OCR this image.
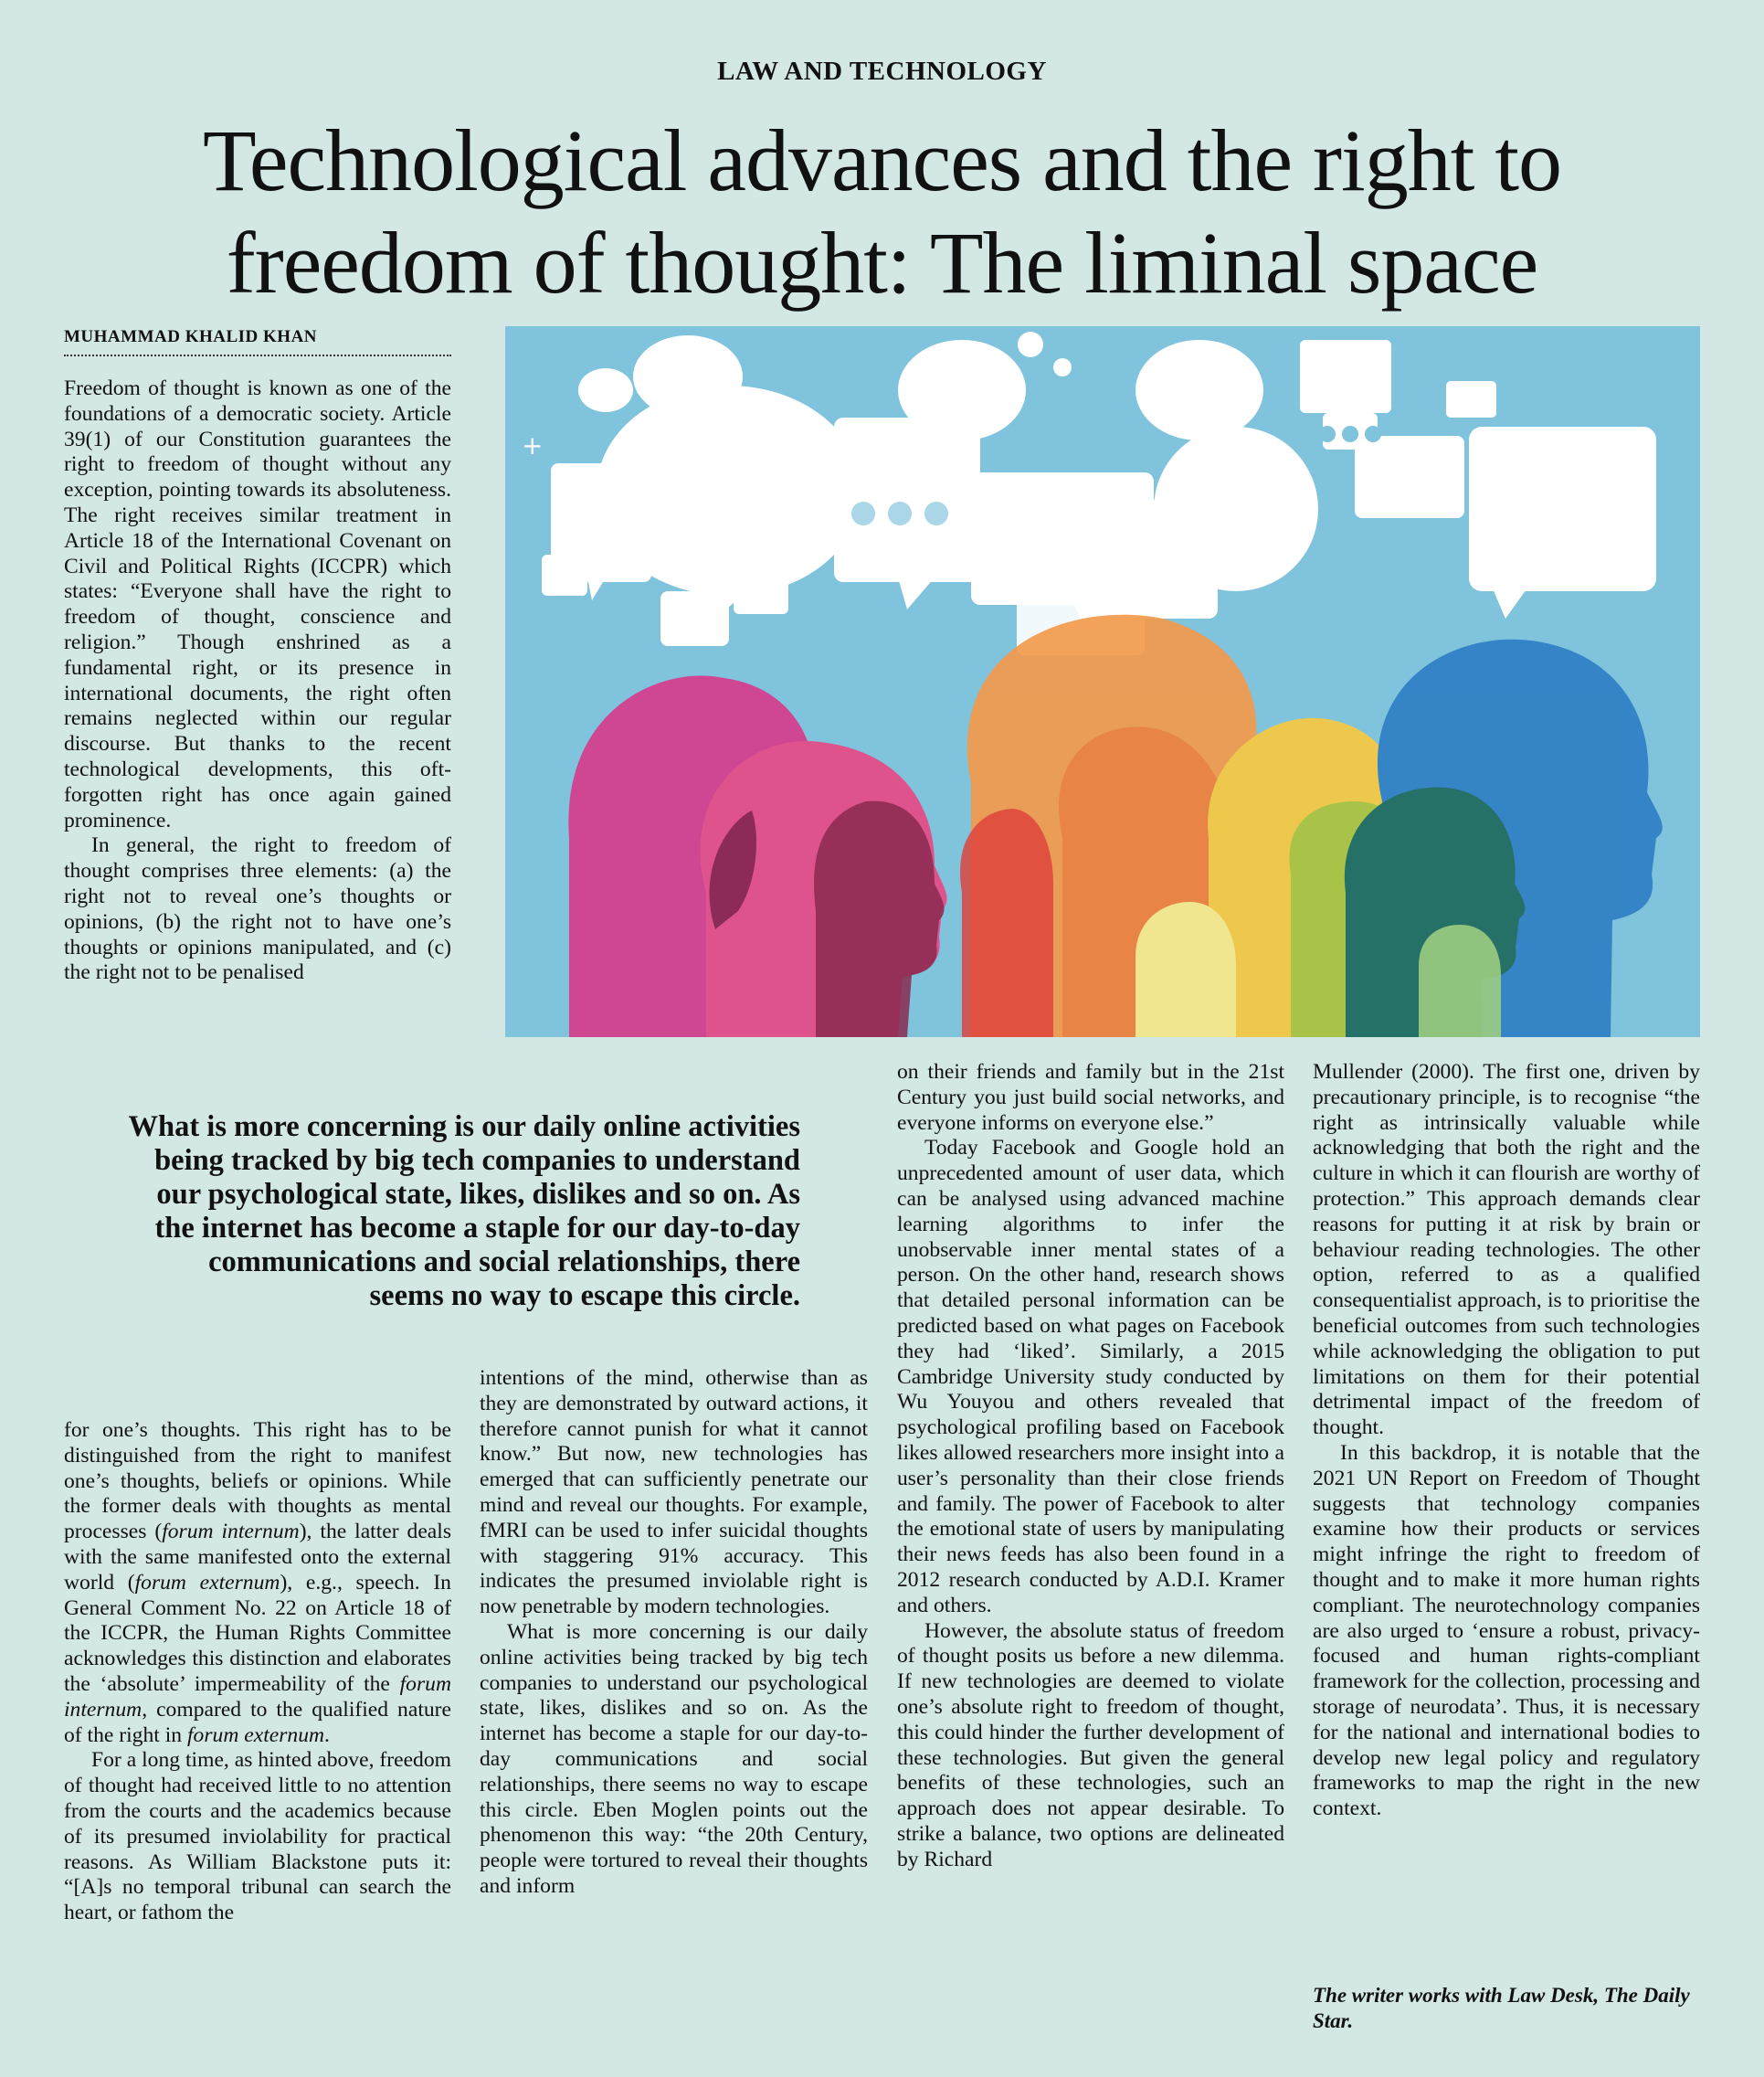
LAW AND TECHNOLOGY
Technological advances and the right to
freedom of thought: The liminal space
MUHAMMAD KHALID KHAN

Freedom of thought is known as one of the foundations of a democratic society. Article 39(1) of our Constitution guarantees the right to freedom of thought without any exception, pointing towards its absoluteness. The right receives similar treatment in Article 18 of the International Covenant on Civil and Political Rights (ICCPR) which states: “Everyone shall have the right to freedom of thought, conscience and religion.” Though enshrined as a fundamental right, or its presence in international documents, the right often remains neglected within our regular discourse. But thanks to the recent technological developments, this oft-forgotten right has once again gained prominence.

In general, the right to freedom of thought comprises three elements: (a) the right not to reveal one’s thoughts or opinions, (b) the right not to have one’s thoughts or opinions manipulated, and (c) the right not to be penalised

+
What is more concerning is our daily online activities being tracked by big tech companies to understand our psychological state, likes, dislikes and so on. As the internet has become a staple for our day-to-day communications and social relationships, there seems no way to escape this circle.

for one’s thoughts. This right has to be distinguished from the right to manifest one’s thoughts, beliefs or opinions. While the former deals with thoughts as mental processes (forum internum), the latter deals with the same manifested onto the external world (forum externum), e.g., speech. In General Comment No. 22 on Article 18 of the ICCPR, the Human Rights Committee acknowledges this distinction and elaborates the ‘absolute’ impermeability of the forum internum, compared to the qualified nature of the right in forum externum.

For a long time, as hinted above, freedom of thought had received little to no attention from the courts and the academics because of its presumed inviolability for practical reasons. As William Blackstone puts it: “[A]s no temporal tribunal can search the heart, or fathom the

intentions of the mind, otherwise than as they are demonstrated by outward actions, it therefore cannot punish for what it cannot know.” But now, new technologies has emerged that can sufficiently penetrate our mind and reveal our thoughts. For example, fMRI can be used to infer suicidal thoughts with staggering 91% accuracy. This indicates the presumed inviolable right is now penetrable by modern technologies.

What is more concerning is our daily online activities being tracked by big tech companies to understand our psychological state, likes, dislikes and so on. As the internet has become a staple for our day-to-day communications and social relationships, there seems no way to escape this circle. Eben Moglen points out the phenomenon this way: “the 20th Century, people were tortured to reveal their thoughts and inform

on their friends and family but in the 21st Century you just build social networks, and everyone informs on everyone else.”

Today Facebook and Google hold an unprecedented amount of user data, which can be analysed using advanced machine learning algorithms to infer the unobservable inner mental states of a person. On the other hand, research shows that detailed personal information can be predicted based on what pages on Facebook they had ‘liked’. Similarly, a 2015 Cambridge University study conducted by Wu Youyou and others revealed that psychological profiling based on Facebook likes allowed researchers more insight into a user’s personality than their close friends and family. The power of Facebook to alter the emotional state of users by manipulating their news feeds has also been found in a 2012 research conducted by A.D.I. Kramer and others.

However, the absolute status of freedom of thought posits us before a new dilemma. If new technologies are deemed to violate one’s absolute right to freedom of thought, this could hinder the further development of these technologies. But given the general benefits of these technologies, such an approach does not appear desirable. To strike a balance, two options are delineated by Richard

Mullender (2000). The first one, driven by precautionary principle, is to recognise “the right as intrinsically valuable while acknowledging that both the right and the culture in which it can flourish are worthy of protection.” This approach demands clear reasons for putting it at risk by brain or behaviour reading technologies. The other option, referred to as a qualified consequentialist approach, is to prioritise the beneficial outcomes from such technologies while acknowledging the obligation to put limitations on them for their potential detrimental impact of the freedom of thought.

In this backdrop, it is notable that the 2021 UN Report on Freedom of Thought suggests that technology companies examine how their products or services might infringe the right to freedom of thought and to make it more human rights compliant. The neurotechnology companies are also urged to ‘ensure a robust, privacy-focused and human rights-compliant framework for the collection, processing and storage of neurodata’. Thus, it is necessary for the national and international bodies to develop new legal policy and regulatory frameworks to map the right in the new context.

The writer works with Law Desk, The Daily Star.
